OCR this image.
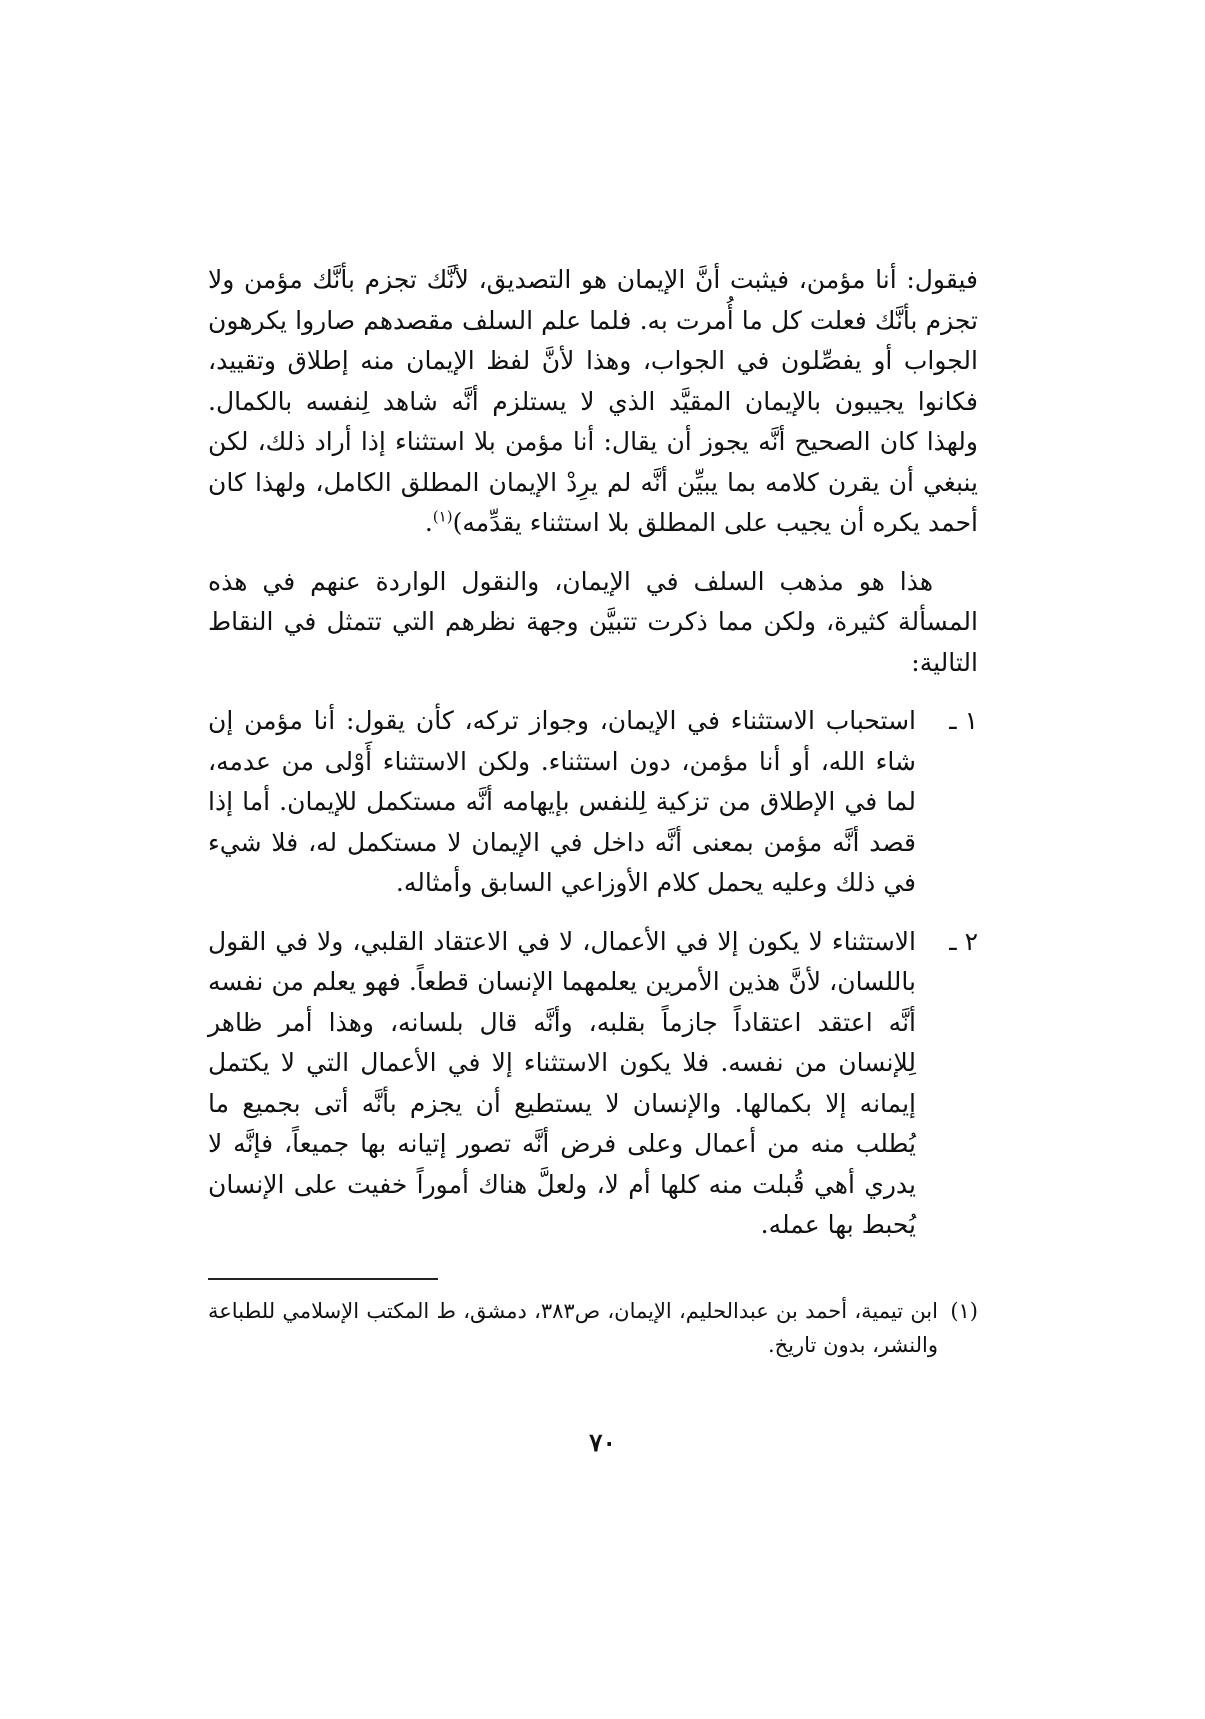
فيقول: أنا مؤمن، فيثبت أنَّ الإيمان هو التصديق، لأنَّك تجزم بأنَّك مؤمن ولا تجزم بأنَّك فعلت كل ما أُمرت به. فلما علم السلف مقصدهم صاروا يكرهون الجواب أو يفصِّلون في الجواب، وهذا لأنَّ لفظ الإيمان منه إطلاق وتقييد، فكانوا يجيبون بالإيمان المقيَّد الذي لا يستلزم أنَّه شاهد لِنفسه بالكمال. ولهذا كان الصحيح أنَّه يجوز أن يقال: أنا مؤمن بلا استثناء إذا أراد ذلك، لكن ينبغي أن يقرن كلامه بما يبيِّن أنَّه لم يرِدْ الإيمان المطلق الكامل، ولهذا كان أحمد يكره أن يجيب على المطلق بلا استثناء يقدِّمه)$^{(١)}$.

هذا هو مذهب السلف في الإيمان، والنقول الواردة عنهم في هذه المسألة كثيرة، ولكن مما ذكرت تتبيَّن وجهة نظرهم التي تتمثل في النقاط التالية:

١ ـ

استحباب الاستثناء في الإيمان، وجواز تركه، كأن يقول: أنا مؤمن إن شاء الله، أو أنا مؤمن، دون استثناء. ولكن الاستثناء أَوْلى من عدمه، لما في الإطلاق من تزكية لِلنفس بإيهامه أنَّه مستكمل للإيمان. أما إذا قصد أنَّه مؤمن بمعنى أنَّه داخل في الإيمان لا مستكمل له، فلا شيء في ذلك وعليه يحمل كلام الأوزاعي السابق وأمثاله.

٢ ـ

الاستثناء لا يكون إلا في الأعمال، لا في الاعتقاد القلبي، ولا في القول باللسان، لأنَّ هذين الأمرين يعلمهما الإنسان قطعاً. فهو يعلم من نفسه أنَّه اعتقد اعتقاداً جازماً بقلبه، وأنَّه قال بلسانه، وهذا أمر ظاهر لِلإنسان من نفسه. فلا يكون الاستثناء إلا في الأعمال التي لا يكتمل إيمانه إلا بكمالها. والإنسان لا يستطيع أن يجزم بأنَّه أتى بجميع ما يُطلب منه من أعمال وعلى فرض أنَّه تصور إتيانه بها جميعاً، فإنَّه لا يدري أهي قُبلت منه كلها أم لا، ولعلَّ هناك أموراً خفيت على الإنسان يُحبط بها عمله.

(١)

ابن تيمية، أحمد بن عبدالحليم، الإيمان، ص٣٨٣، دمشق، ط المكتب الإسلامي للطباعة والنشر، بدون تاريخ.

٧٠
